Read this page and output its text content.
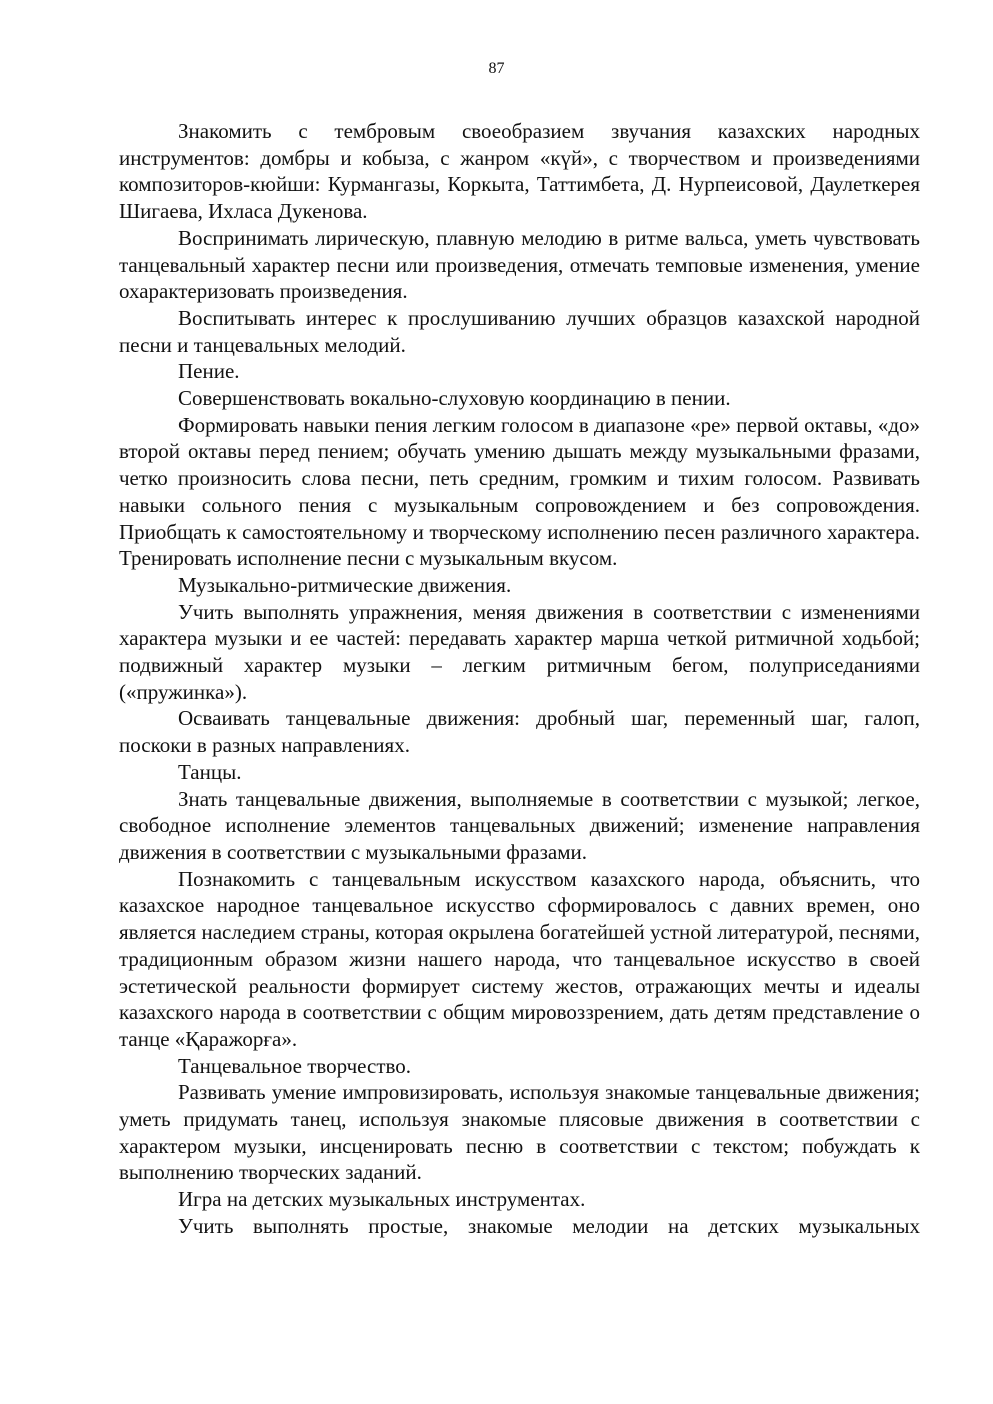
87

Знакомить с тембровым своеобразием звучания казахских народных инструментов: домбры и кобыза, с жанром «күй», с творчеством и произведениями композиторов-кюйши: Курмангазы, Коркыта, Таттимбета, Д. Нурпеисовой, Даулеткерея Шигаева, Ихласа Дукенова.

Воспринимать лирическую, плавную мелодию в ритме вальса, уметь чувствовать танцевальный характер песни или произведения, отмечать темповые изменения, умение охарактеризовать произведения.

Воспитывать интерес к прослушиванию лучших образцов казахской народной песни и танцевальных мелодий.

Пение.

Совершенствовать вокально-слуховую координацию в пении.

Формировать навыки пения легким голосом в диапазоне «ре» первой октавы, «до» второй октавы перед пением; обучать умению дышать между музыкальными фразами, четко произносить слова песни, петь средним, громким и тихим голосом. Развивать навыки сольного пения с музыкальным сопровождением и без сопровождения. Приобщать к самостоятельному и творческому исполнению песен различного характера. Тренировать исполнение песни с музыкальным вкусом.

Музыкально-ритмические движения.

Учить выполнять упражнения, меняя движения в соответствии с изменениями характера музыки и ее частей: передавать характер марша четкой ритмичной ходьбой; подвижный характер музыки – легким ритмичным бегом, полуприседаниями («пружинка»).

Осваивать танцевальные движения: дробный шаг, переменный шаг, галоп, поскоки в разных направлениях.

Танцы.

Знать танцевальные движения, выполняемые в соответствии с музыкой; легкое, свободное исполнение элементов танцевальных движений; изменение направления движения в соответствии с музыкальными фразами.

Познакомить с танцевальным искусством казахского народа, объяснить, что казахское народное танцевальное искусство сформировалось с давних времен, оно является наследием страны, которая окрылена богатейшей устной литературой, песнями, традиционным образом жизни нашего народа, что танцевальное искусство в своей эстетической реальности формирует систему жестов, отражающих мечты и идеалы казахского народа в соответствии с общим мировоззрением, дать детям представление о танце «Қаражорға».

Танцевальное творчество.

Развивать умение импровизировать, используя знакомые танцевальные движения; уметь придумать танец, используя знакомые плясовые движения в соответствии с характером музыки, инсценировать песню в соответствии с текстом; побуждать к выполнению творческих заданий.

Игра на детских музыкальных инструментах.

Учить выполнять простые, знакомые мелодии на детских музыкальных
